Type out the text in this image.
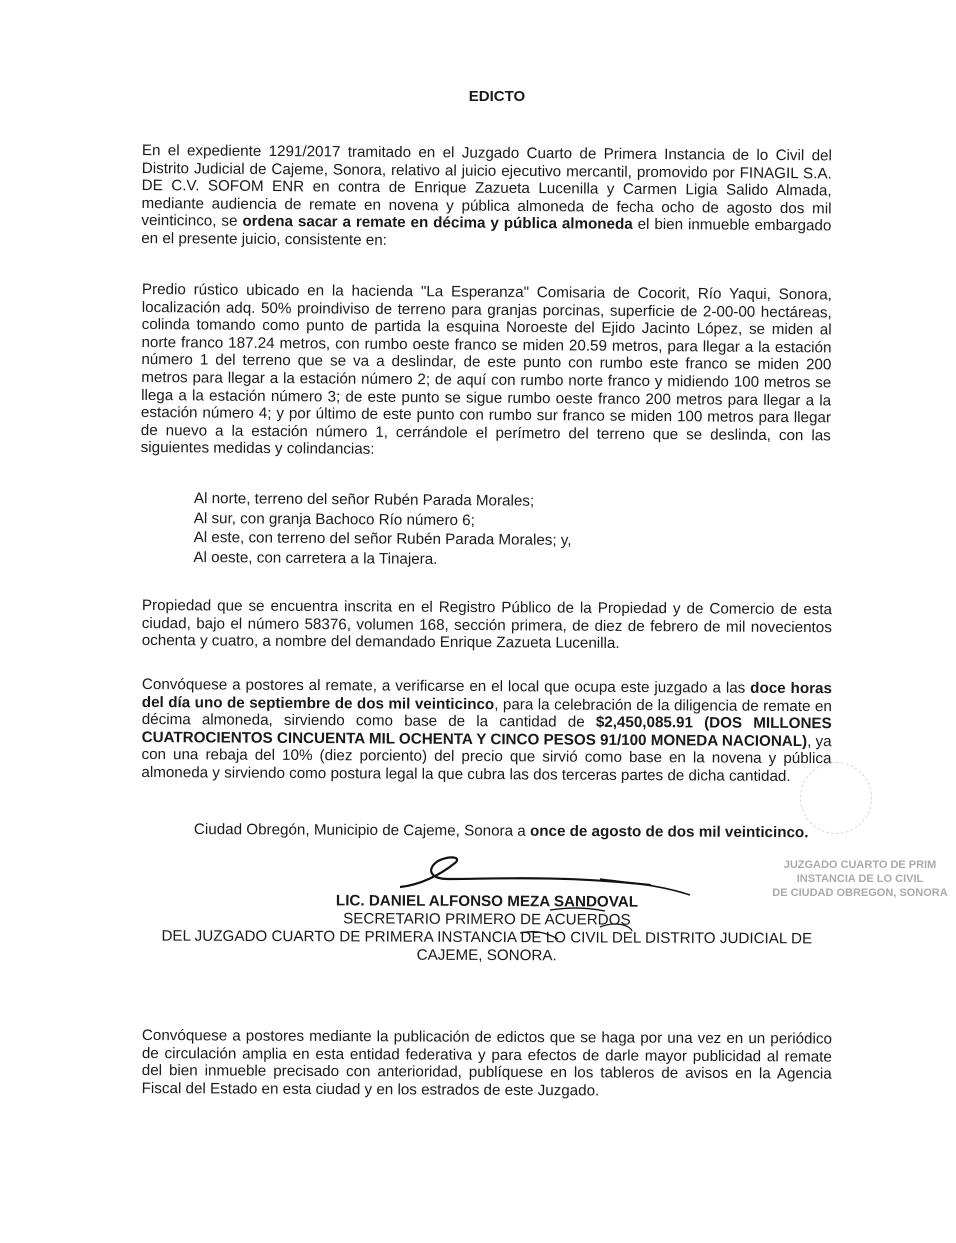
EDICTO

En el expediente 1291/2017 tramitado en el Juzgado Cuarto de Primera Instancia de lo Civil del Distrito Judicial de Cajeme, Sonora, relativo al juicio ejecutivo mercantil, promovido por FINAGIL S.A. DE C.V. SOFOM ENR en contra de Enrique Zazueta Lucenilla y Carmen Ligia Salido Almada, mediante audiencia de remate en novena y pública almoneda de fecha ocho de agosto dos mil veinticinco, se ordena sacar a remate en décima y pública almoneda el bien inmueble embargado en el presente juicio, consistente en:

Predio rústico ubicado en la hacienda "La Esperanza" Comisaria de Cocorit, Río Yaqui, Sonora, localización adq. 50% proindiviso de terreno para granjas porcinas, superficie de 2-00-00 hectáreas, colinda tomando como punto de partida la esquina Noroeste del Ejido Jacinto López, se miden al norte franco 187.24 metros, con rumbo oeste franco se miden 20.59 metros, para llegar a la estación número 1 del terreno que se va a deslindar, de este punto con rumbo este franco se miden 200 metros para llegar a la estación número 2; de aquí con rumbo norte franco y midiendo 100 metros se llega a la estación número 3; de este punto se sigue rumbo oeste franco 200 metros para llegar a la estación número 4; y por último de este punto con rumbo sur franco se miden 100 metros para llegar de nuevo a la estación número 1, cerrándole el perímetro del terreno que se deslinda, con las siguientes medidas y colindancias:

Al norte, terreno del señor Rubén Parada Morales;
Al sur, con granja Bachoco Río número 6;
Al este, con terreno del señor Rubén Parada Morales; y,
Al oeste, con carretera a la Tinajera.

Propiedad que se encuentra inscrita en el Registro Público de la Propiedad y de Comercio de esta ciudad, bajo el número 58376, volumen 168, sección primera, de diez de febrero de mil novecientos ochenta y cuatro, a nombre del demandado Enrique Zazueta Lucenilla.

Convóquese a postores al remate, a verificarse en el local que ocupa este juzgado a las doce horas del día uno de septiembre de dos mil veinticinco, para la celebración de la diligencia de remate en décima almoneda, sirviendo como base de la cantidad de $2,450,085.91 (DOS MILLONES CUATROCIENTOS CINCUENTA MIL OCHENTA Y CINCO PESOS 91/100 MONEDA NACIONAL), ya con una rebaja del 10% (diez porciento) del precio que sirvió como base en la novena y pública almoneda y sirviendo como postura legal la que cubra las dos terceras partes de dicha cantidad.

Ciudad Obregón, Municipio de Cajeme, Sonora a once de agosto de dos mil veinticinco.
LIC. DANIEL ALFONSO MEZA SANDOVAL
SECRETARIO PRIMERO DE ACUERDOS
DEL JUZGADO CUARTO DE PRIMERA INSTANCIA DE LO CIVIL DEL DISTRITO JUDICIAL DE
CAJEME, SONORA.

Convóquese a postores mediante la publicación de edictos que se haga por una vez en un periódico de circulación amplia en esta entidad federativa y para efectos de darle mayor publicidad al remate del bien inmueble precisado con anterioridad, publíquese en los tableros de avisos en la Agencia Fiscal del Estado en esta ciudad y en los estrados de este Juzgado.

JUZGADO CUARTO DE PRIM
INSTANCIA DE LO CIVIL
DE CIUDAD OBREGON, SONORA
